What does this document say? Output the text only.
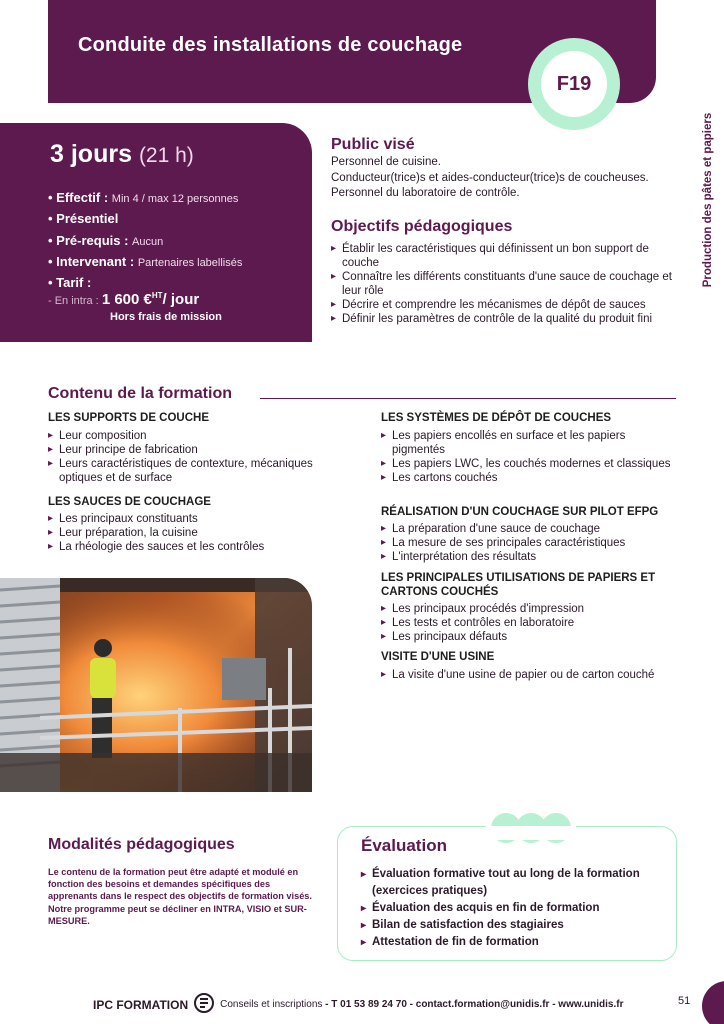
Conduite des installations de couchage
F19
Production des pâtes et papiers
3 jours (21 h)
• Effectif : Min 4 / max 12 personnes
• Présentiel
• Pré-requis : Aucun
• Intervenant : Partenaires labellisés
• Tarif :
- En intra : 1 600 €$^{HT}$/ jour
Hors frais de mission
Public visé
Personnel de cuisine.
Conducteur(trice)s et aides-conducteur(trice)s de coucheuses.
Personnel du laboratoire de contrôle.
Objectifs pédagogiques
▸ Établir les caractéristiques qui définissent un bon support de couche
▸ Connaître les différents constituants d'une sauce de couchage et leur rôle
▸ Décrire et comprendre les mécanismes de dépôt de sauces
▸ Définir les paramètres de contrôle de la qualité du produit fini
Contenu de la formation
LES SUPPORTS DE COUCHE
▸ Leur composition
▸ Leur principe de fabrication
▸ Leurs caractéristiques de contexture, mécaniques optiques et de surface
LES SAUCES DE COUCHAGE
▸ Les principaux constituants
▸ Leur préparation, la cuisine
▸ La rhéologie des sauces et les contrôles
LES SYSTÈMES DE DÉPÔT DE COUCHES
▸ Les papiers encollés en surface et les papiers pigmentés
▸ Les papiers LWC, les couchés modernes et classiques
▸ Les cartons couchés
RÉALISATION D'UN COUCHAGE SUR PILOT EFPG
▸ La préparation d'une sauce de couchage
▸ La mesure de ses principales caractéristiques
▸ L'interprétation des résultats
LES PRINCIPALES UTILISATIONS DE PAPIERS ET CARTONS COUCHÉS
▸ Les principaux procédés d'impression
▸ Les tests et contrôles en laboratoire
▸ Les principaux défauts
VISITE D'UNE USINE
▸ La visite d'une usine de papier ou de carton couché
Modalités pédagogiques
Le contenu de la formation peut être adapté et modulé en fonction des besoins et demandes spécifiques des apprenants dans le respect des objectifs de formation visés. Notre programme peut se décliner en INTRA, VISIO et SUR-MESURE.
Évaluation
▸ Évaluation formative tout au long de la formation (exercices pratiques)
▸ Évaluation des acquis en fin de formation
▸ Bilan de satisfaction des stagiaires
▸ Attestation de fin de formation
IPC FORMATION	Conseils et inscriptions - T 01 53 89 24 70 - contact.formation@unidis.fr - www.unidis.fr	51
